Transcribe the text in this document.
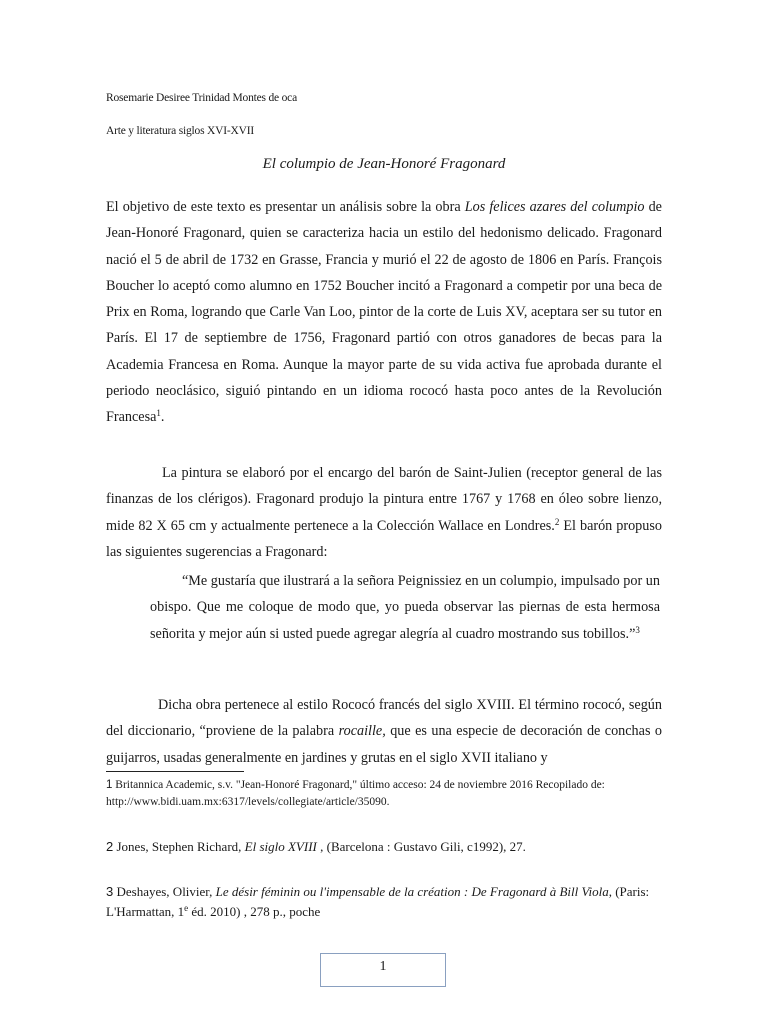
Rosemarie Desiree Trinidad Montes de oca
Arte y literatura siglos XVI-XVII
El columpio de Jean-Honoré Fragonard
El objetivo de este texto es presentar un análisis sobre la obra Los felices azares del columpio de Jean-Honoré Fragonard, quien se caracteriza hacia un estilo del hedonismo delicado. Fragonard nació el 5 de abril de 1732 en Grasse, Francia y murió el 22 de agosto de 1806 en París. François Boucher lo aceptó como alumno en 1752 Boucher incitó a Fragonard a competir por una beca de Prix en Roma, logrando que Carle Van Loo, pintor de la corte de Luis XV, aceptara ser su tutor en París. El 17 de septiembre de 1756, Fragonard partió con otros ganadores de becas para la Academia Francesa en Roma. Aunque la mayor parte de su vida activa fue aprobada durante el periodo neoclásico, siguió pintando en un idioma rococó hasta poco antes de la Revolución Francesa$^1$.
La pintura se elaboró por el encargo del barón de Saint-Julien (receptor general de las finanzas de los clérigos). Fragonard produjo la pintura entre 1767 y 1768 en óleo sobre lienzo, mide 82 X 65 cm y actualmente pertenece a la Colección Wallace en Londres.$^2$ El barón propuso las siguientes sugerencias a Fragonard:
“Me gustaría que ilustrará a la señora Peignissiez en un columpio, impulsado por un obispo. Que me coloque de modo que, yo pueda observar las piernas de esta hermosa señorita y mejor aún si usted puede agregar alegría al cuadro mostrando sus tobillos.”$^3$
Dicha obra pertenece al estilo Rococó francés del siglo XVIII. El término rococó, según del diccionario, “proviene de la palabra rocaille, que es una especie de decoración de conchas o guijarros, usadas generalmente en jardines y grutas en el siglo XVII italiano y
1 Britannica Academic, s.v. "Jean-Honoré Fragonard," último acceso: 24 de noviembre 2016 Recopilado de: http://www.bidi.uam.mx:6317/levels/collegiate/article/35090.
2 Jones, Stephen Richard, El siglo XVIII , (Barcelona : Gustavo Gili, c1992), 27.
3 Deshayes, Olivier, Le désir féminin ou l'impensable de la création : De Fragonard à Bill Viola, (Paris: L'Harmattan, 1e éd. 2010) , 278 p., poche
1
